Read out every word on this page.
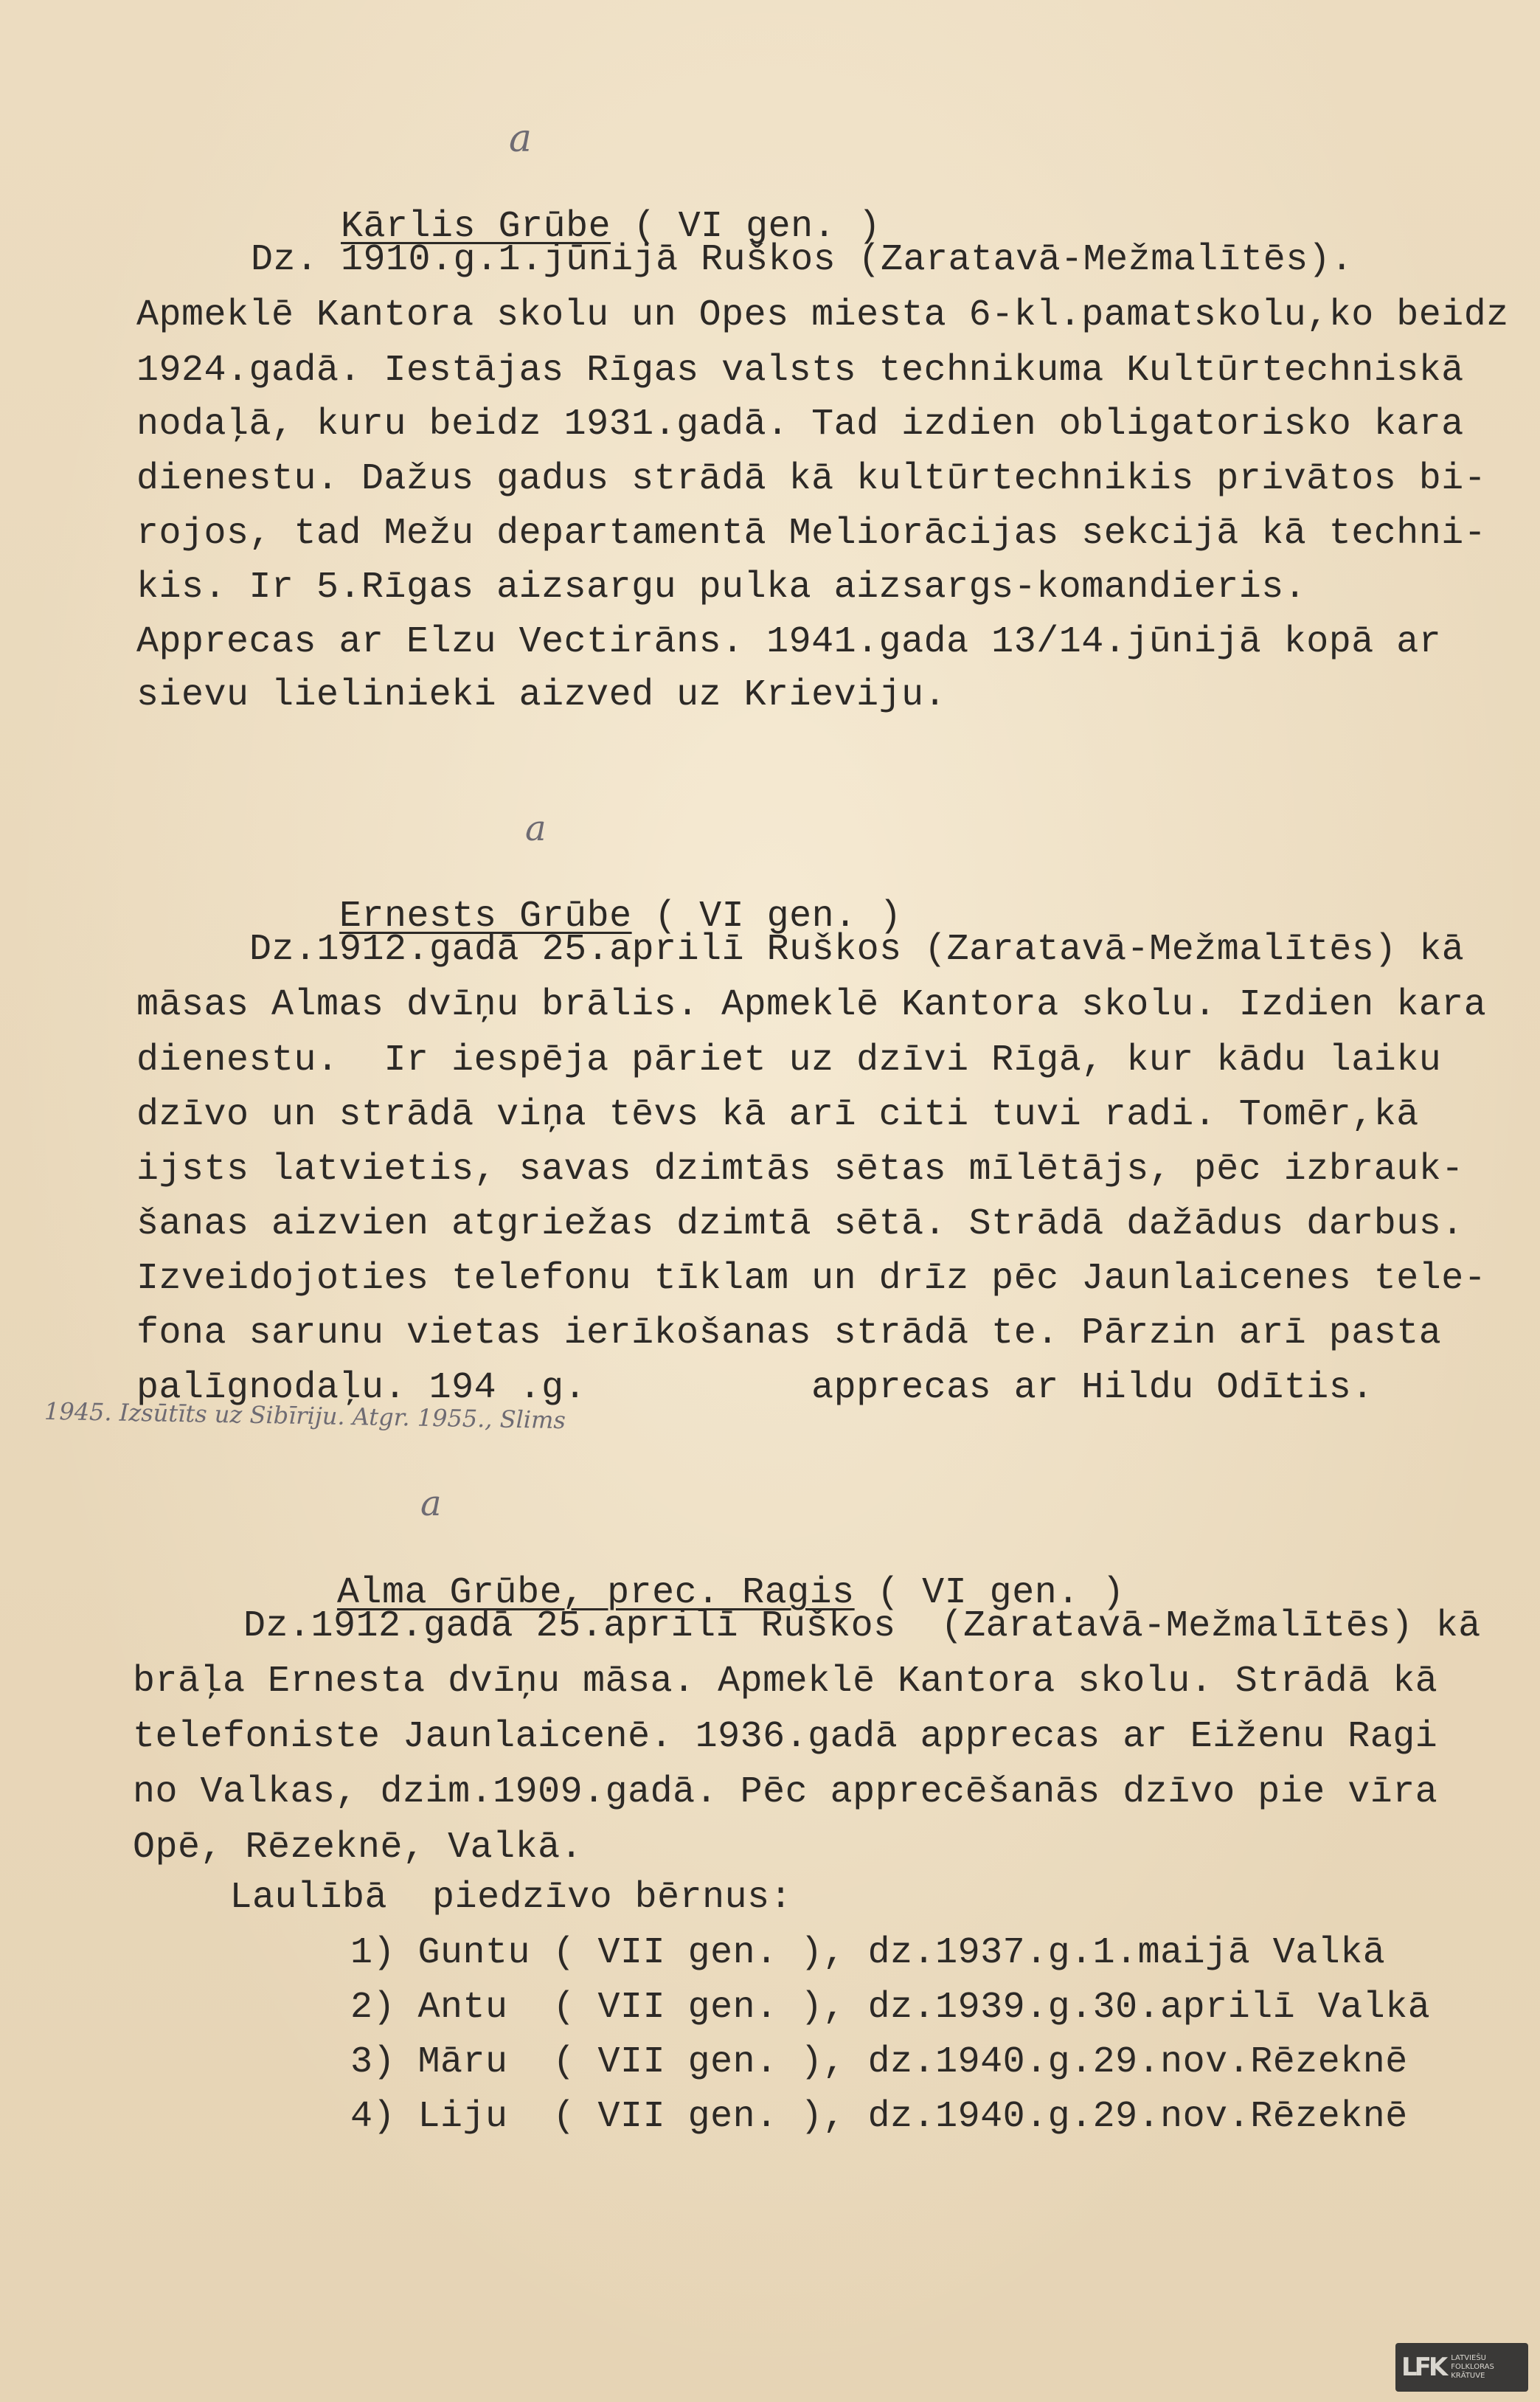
a

Kārlis Grūbe ( VI gen. )

Dz. 1910.g.1.jūnijā Ruškos (Zaratavā-Mežmalītēs).
Apmeklē Kantora skolu un Opes miesta 6-kl.pamatskolu,ko beidz
1924.gadā. Iestājas Rīgas valsts technikuma Kultūrtechniskā
nodaļā, kuru beidz 1931.gadā. Tad izdien obligatorisko kara
dienestu. Dažus gadus strādā kā kultūrtechnikis privātos bi-
rojos, tad Mežu departamentā Meliorācijas sekcijā kā techni-
kis. Ir 5.Rīgas aizsargu pulka aizsargs-komandieris.
Apprecas ar Elzu Vectirāns. 1941.gada 13/14.jūnijā kopā ar
sievu lielinieki aizved uz Krieviju.
a

Ernests Grūbe ( VI gen. )

Dz.1912.gadā 25.aprilī Ruškos (Zaratavā-Mežmalītēs) kā
māsas Almas dvīņu brālis. Apmeklē Kantora skolu. Izdien kara
dienestu.  Ir iespēja pāriet uz dzīvi Rīgā, kur kādu laiku
dzīvo un strādā viņa tēvs kā arī citi tuvi radi. Tomēr,kā
ijsts latvietis, savas dzimtās sētas mīlētājs, pēc izbrauk-
šanas aizvien atgriežas dzimtā sētā. Strādā dažādus darbus.
Izveidojoties telefonu tīklam un drīz pēc Jaunlaicenes tele-
fona sarunu vietas ierīkošanas strādā te. Pārzin arī pasta
palīgnodaļu. 194 .g.          apprecas ar Hildu Odītis.
1945. Izsūtīts uz Sibīriju. Atgr. 1955., Slims
a

Alma Grūbe, prec. Ragis ( VI gen. )

Dz.1912.gadā 25.aprilī Ruškos  (Zaratavā-Mežmalītēs) kā
brāļa Ernesta dvīņu māsa. Apmeklē Kantora skolu. Strādā kā
telefoniste Jaunlaicenē. 1936.gadā apprecas ar Eiženu Ragi
no Valkas, dzim.1909.gadā. Pēc apprecēšanās dzīvo pie vīra
Opē, Rēzeknē, Valkā.
Laulībā  piedzīvo bērnus:
1) Guntu ( VII gen. ), dz.1937.g.1.maijā Valkā
2) Antu  ( VII gen. ), dz.1939.g.30.aprilī Valkā
3) Māru  ( VII gen. ), dz.1940.g.29.nov.Rēzeknē
4) Liju  ( VII gen. ), dz.1940.g.29.nov.Rēzeknē
LFK LATVIEŠU
FOLKLORAS
KRĀTUVE
